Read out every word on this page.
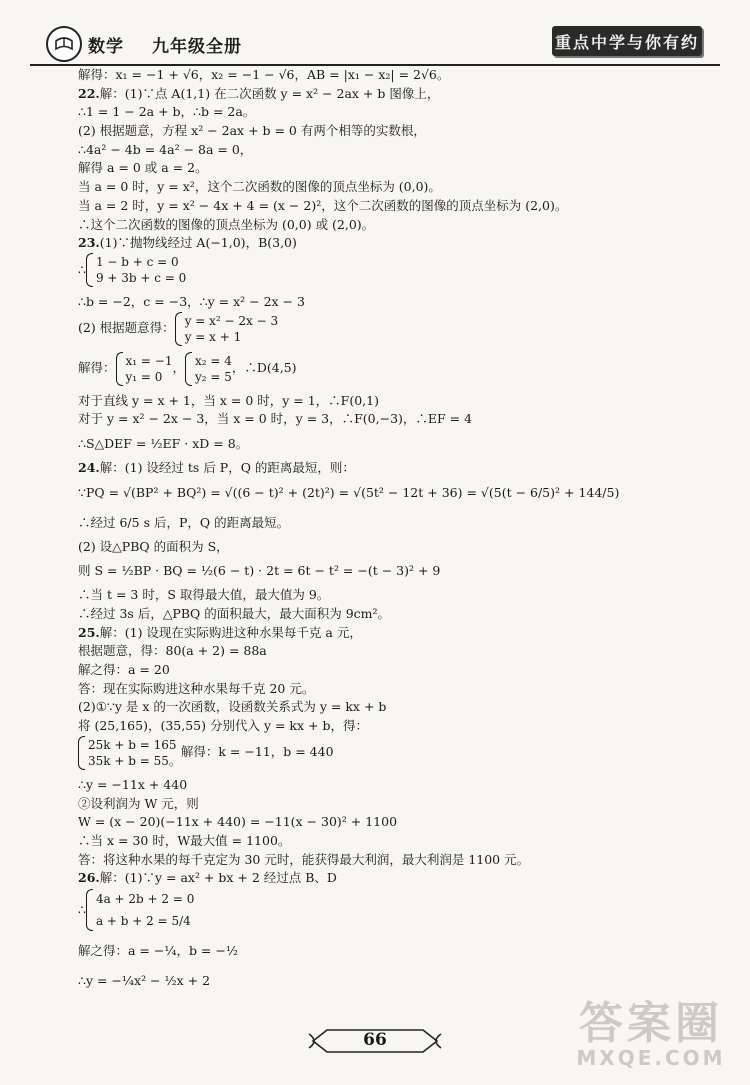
数学 九年级全册	重点中学与你有约
解得：x₁ = −1 + √6，x₂ = −1 − √6，AB = |x₁ − x₂| = 2√6。
22.解：(1)∵点 A(1,1) 在二次函数 y = x² − 2ax + b 图像上，
∴1 = 1 − 2a + b，∴b = 2a。
(2) 根据题意，方程 x² − 2ax + b = 0 有两个相等的实数根，
∴4a² − 4b = 4a² − 8a = 0，
解得 a = 0 或 a = 2。
当 a = 0 时，y = x²，这个二次函数的图像的顶点坐标为 (0,0)。
当 a = 2 时，y = x² − 4x + 4 = (x − 2)²，这个二次函数的图像的顶点坐标为 (2,0)。
∴这个二次函数的图像的顶点坐标为 (0,0) 或 (2,0)。
23.(1)∵抛物线经过 A(−1,0)，B(3,0)
∴ 1 − b + c = 0
9 + 3b + c = 0
∴b = −2，c = −3，∴y = x² − 2x − 3
(2) 根据题意得： y = x² − 2x − 3
y = x + 1
解得： x₁ = −1
y₁ = 0
， x₂ = 4
y₂ = 5
，∴D(4,5)
对于直线 y = x + 1，当 x = 0 时，y = 1，∴F(0,1)
对于 y = x² − 2x − 3，当 x = 0 时，y = 3，∴F(0,−3)，∴EF = 4
∴S△DEF = ½EF · xD = 8。
24.解：(1) 设经过 ts 后 P，Q 的距离最短，则：
∵PQ = √(BP² + BQ²) = √((6 − t)² + (2t)²) = √(5t² − 12t + 36) = √(5(t − 6/5)² + 144/5)
∴经过 6/5 s 后，P，Q 的距离最短。
(2) 设△PBQ 的面积为 S，
则 S = ½BP · BQ = ½(6 − t) · 2t = 6t − t² = −(t − 3)² + 9
∴当 t = 3 时，S 取得最大值，最大值为 9。
∴经过 3s 后，△PBQ 的面积最大，最大面积为 9cm²。
25.解：(1) 设现在实际购进这种水果每千克 a 元，
根据题意，得：80(a + 2) = 88a
解之得：a = 20
答：现在实际购进这种水果每千克 20 元。
(2)①∵y 是 x 的一次函数，设函数关系式为 y = kx + b
将 (25,165)，(35,55) 分别代入 y = kx + b，得：
25k + b = 165
35k + b = 55。
解得：k = −11，b = 440
∴y = −11x + 440
②设利润为 W 元，则
W = (x − 20)(−11x + 440) = −11(x − 30)² + 1100
∴当 x = 30 时，W最大值 = 1100。
答：将这种水果的每千克定为 30 元时，能获得最大利润，最大利润是 1100 元。
26.解：(1)∵y = ax² + bx + 2 经过点 B、D
∴
4a + 2b + 2 = 0
a + b + 2 = 5/4
解之得：a = −¼，b = −½
∴y = −¼x² − ½x + 2
66	答案圈
MXQE.COM
